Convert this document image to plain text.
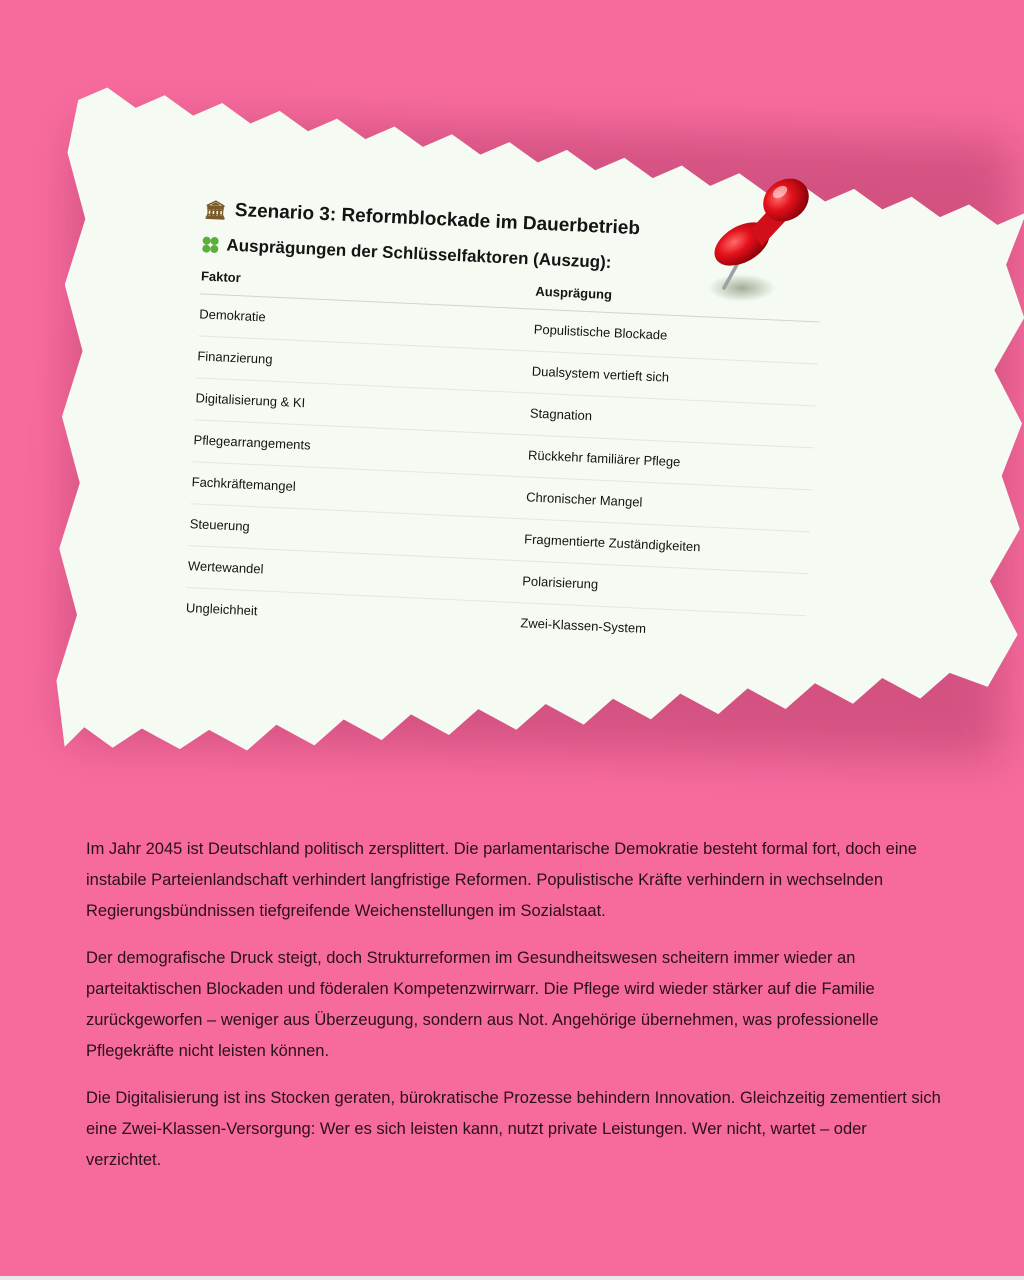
🏛 Szenario 3: Reformblockade im Dauerbetrieb
Ausprägungen der Schlüsselfaktoren (Auszug):
Faktor	Ausprägung
Demokratie	Populistische Blockade
Finanzierung	Dualsystem vertieft sich
Digitalisierung & KI	Stagnation
Pflegearrangements	Rückkehr familiärer Pflege
Fachkräftemangel	Chronischer Mangel
Steuerung	Fragmentierte Zuständigkeiten
Wertewandel	Polarisierung
Ungleichheit	Zwei-Klassen-System

Im Jahr 2045 ist Deutschland politisch zersplittert. Die parlamentarische Demokratie besteht formal fort, doch eine instabile Parteienlandschaft verhindert langfristige Reformen. Populistische Kräfte verhindern in wechselnden Regierungsbündnissen tiefgreifende Weichenstellungen im Sozialstaat.

Der demografische Druck steigt, doch Strukturreformen im Gesundheitswesen scheitern immer wieder an parteitaktischen Blockaden und föderalen Kompetenzwirrwarr. Die Pflege wird wieder stärker auf die Familie zurückgeworfen – weniger aus Überzeugung, sondern aus Not. Angehörige übernehmen, was professionelle Pflegekräfte nicht leisten können.

Die Digitalisierung ist ins Stocken geraten, bürokratische Prozesse behindern Innovation. Gleichzeitig zementiert sich eine Zwei-Klassen-Versorgung: Wer es sich leisten kann, nutzt private Leistungen. Wer nicht, wartet – oder verzichtet.
